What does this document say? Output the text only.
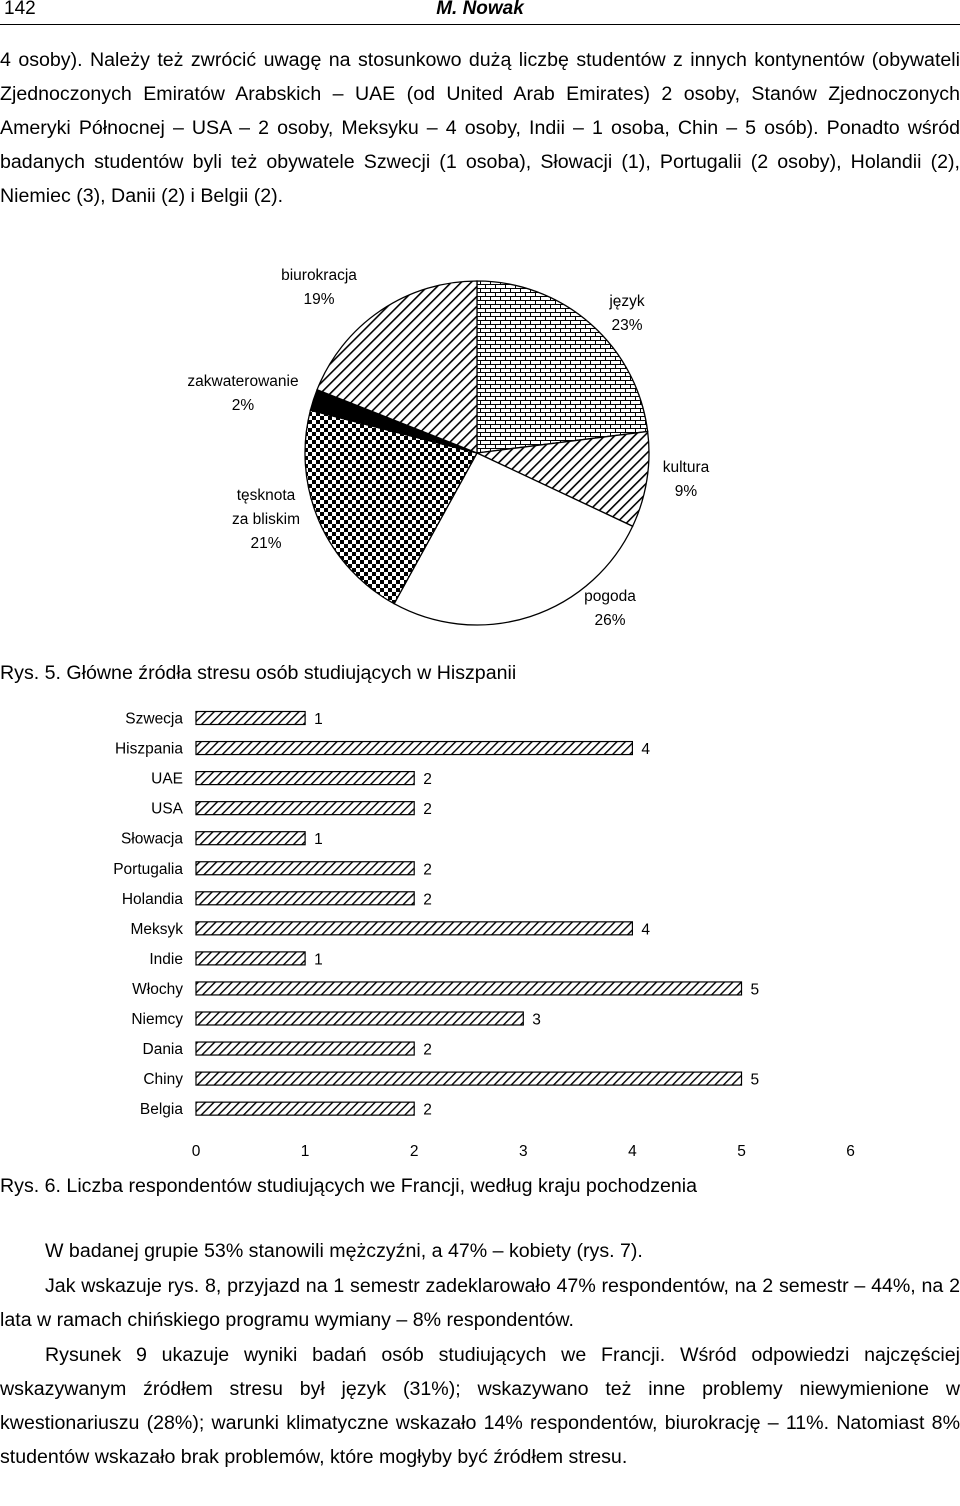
142	M. Nowak

4 osoby). Należy też zwrócić uwagę na stosunkowo dużą liczbę studentów z innych kontynentów (obywateli Zjednoczonych Emiratów Arabskich – UAE (od United Arab Emirates) 2 osoby, Stanów Zjednoczonych Ameryki Północnej – USA – 2 osoby, Meksyku – 4 osoby, Indii – 1 osoba, Chin – 5 osób). Ponadto wśród badanych studentów byli też obywatele Szwecji (1 osoba), Słowacji (1), Portugalii (2 osoby), Holandii (2), Niemiec (3), Danii (2) i Belgii (2).

język 23%
kultura 9%
pogoda 26%
tęsknota za bliskim 21%
zakwaterowanie 2%
biurokracja 19%

Rys. 5. Główne źródła stresu osób studiujących w Hiszpanii

Szwecja	1
Hiszpania	4
UAE	2
USA	2
Słowacja	1
Portugalia	2
Holandia	2
Meksyk	4
Indie	1
Włochy	5
Niemcy	3
Dania	2
Chiny	5
Belgia	2
0	1	2	3	4	5	6

Rys. 6. Liczba respondentów studiujących we Francji, według kraju pochodzenia

W badanej grupie 53% stanowili mężczyźni, a 47% – kobiety (rys. 7).

Jak wskazuje rys. 8, przyjazd na 1 semestr zadeklarowało 47% respondentów, na 2 semestr – 44%, na 2 lata w ramach chińskiego programu wymiany – 8% respondentów.

Rysunek 9 ukazuje wyniki badań osób studiujących we Francji. Wśród odpowiedzi najczęściej wskazywanym źródłem stresu był język (31%); wskazywano też inne problemy niewymienione w kwestionariuszu (28%); warunki klimatyczne wskazało 14% respondentów, biurokrację – 11%. Natomiast 8% studentów wskazało brak problemów, które mogłyby być źródłem stresu.
